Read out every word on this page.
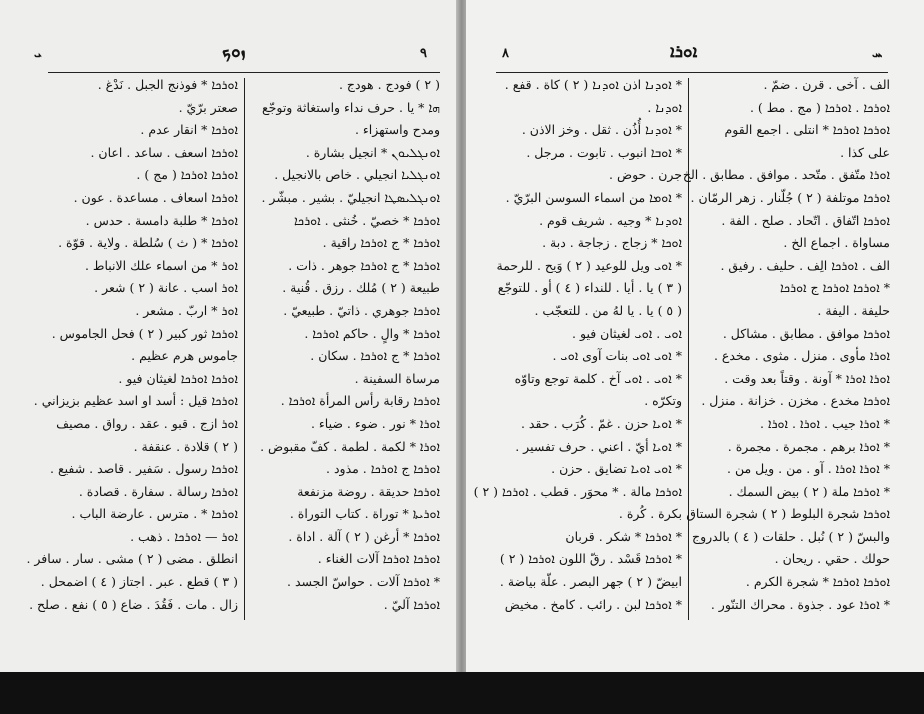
ܝ	ܙܘܟ	٩
ܐܘܪܟܐ * فوذنج الجبل . نَدْغ .
صعتر برّيّ .
ܐܘܪܟܐ * انقار عدم .
ܐܘܪܟܐ اسعف . ساعد . اعان .
ܐܘܪܟܐ ܐܘܪܟܐ ( مج ) .
ܐܘܪܟܐ اسعاف . مساعدة . عون .
ܐܘܪܟܐ * طلبة دامسة . حدس .
ܐܘܪܟܐ * ( ث ) سُلطة . ولاية . قوّة .
ܐܘܪ * من اسماء علك الانباط .
ܐܘܪ اسب . عانة ( ٢ ) شعر .
ܐܘܪ * اربّ . مشعر .
ܐܘܪܟܐ ثور كبير ( ٢ ) فحل الجاموس .
جاموس هرم عظيم .
ܐܘܪܟܐ ܐܘܪܟܐ لغيثان فيو .
ܐܘܪܟܐ قيل : أسد او اسد عظيم بزيزاني .
ܐܘܪ ازج . قبو . عقد . رواق . مصيف
( ٢ ) قلادة . عنقفة .
ܐܘܪܟܐ رسول . سَفير . قاصد . شفيع .
ܐܘܪܟܐ رسالة . سفارة . قصادة .
ܐܘܪܟܐ * . مترس . عارضة الباب .
ܐܘܪ — ܐܘܪܟܐ . ذهب .
انطلق . مضى ( ٢ ) مشى . سار . سافر .
( ٣ ) قطع . عبر . اجتاز ( ٤ ) اضمحل .
زال . مات . فَقُدَ . ضاع ( ٥ ) نفع . صلح .
( ٢ ) فودج . هودج .
ܗܐ * يا . حرف نداء واستغاثة وتوجّع
ومدح واستهزاء .
ܐܘܢܓܠܝܘܢ * انجيل بشارة .
ܐܘܢܓܠܝܐ انجيلي . خاص بالانجيل .
ܐܘܢܓܠܝܣܛܐ انجيليّ . بشير . مبشّر .
ܐܘܪܟܐ * خصيّ . خُنثى . ܐܘܪܟܐ
ܐܘܪܟܐ * ج ܐܘܪܟܐ راقية .
ܐܘܪܟܐ * ج ܐܘܪܟܐ جوهر . ذات .
طبيعة ( ٢ ) مُلك . رزق . قُنية .
ܐܘܪܟܐ جوهري . ذاتيّ . طبيعيّ .
ܐܘܪܟܐ * والٍ . حاكم ܐܘܪܟܐ .
ܐܘܪܟܐ * ج ܐܘܪܟܐ . سكان .
مرساة السفينة .
ܐܘܪܟܐ رقابة رأس المرأة ܐܘܪܟܐ .
ܐܘܪܐ * نور . ضوء . ضياء .
ܐܘܪܐ * لكمة . لطمة . كفّ مقبوض .
ܐܘܪܟܐ ج ܐܘܪܟܐ . مذود .
ܐܘܪܟܐ حديقة . روضة مزنفعة
ܐܘܪܝܬܐ * توراة . كتاب التوراة .
ܐܘܪܟܐ * أرغن ( ٢ ) آلة . اداة .
ܐܘܪܟܐ ܐܘܪܟܐ آلات الغناء .
* ܐܘܪܟܐ آلات . حواسّ الجسد .
ܐܘܪܟܐ آليّ .
٨	ܐܘܪܐ	ܚ
* ܐܘܕܢܐ اذن ܐܘܕܢܐ ( ٢ ) كاة . قفع .
ܐܘܕܢܐ .
* ܐܘܕܢܐ أُذُن . ثقل . وخز الاذن .
* ܐܘܒܐ انبوب . تابوت . مرجل .
جرن . حوض .
* ܐܘܡܐ من اسماء السوسن البرّيّ .
ܐܘܕܢܐ * وجيه . شريف قوم .
ܐܘܟܐ * زجاج . زجاجة . دبة .
* ܐܘܝ ويل للوعيد ( ٢ ) وَيح . للرحمة
( ٣ ) يا . أيا . للنداء ( ٤ ) أو . للتوجّع
( ٥ ) يا . يا لهُ من . للتعجّب .
ܐܘܝ . ܐܘܝ لغيثان فيو .
* ܐܘܝ ܐܘܝ بنات آوى ܐܘܝ .
* ܐܘܝ . ܐܘܝ آخ . كلمة توجع وتاوّه
وتكرّه .
* ܐܘܝܐ حزن . غمّ . كُرَب . حقد .
* ܐܘܝܐ أيّ . اعني . حرف تفسير .
* ܐܘܝ ܐܘܝܐ تضايق . حزن .
ܐܘܪܟܐ مالة . * محوَر . قطب . ܐܘܪܟܐ ( ٢ )
بكرة . كُرة .
* ܐܘܪܟܐ * شكر . قربان
* ܐܘܪܟܐ قَسْد . رقّ اللون ܐܘܪܟܐ ( ٢ )
ابيضّ ( ٢ ) جهر البصر . علّة بياضة .
* ܐܘܪܟܐ لبن . رائب . كامخ . مخيض
الف . آخى . قرن . ضمّ .
ܐܘܪܟܐ . ܐܘܪܟܐ ( مج . مط ) .
ܐܘܪܟܐ ܐܘܪܟܐ * انتلى . اجمع القوم
على كذا .
ܐܘܪܐ متّفق . متّحد . موافق . مطابق . الخ .
ܐܘܪܟܐ موتلفة ( ٢ ) جُلّنار . زهر الرمّان .
ܐܘܪܟܐ اتّفاق . اتّحاد . صلح . الفة .
مساواة . اجماع الخ .
الف . ܐܘܪܟܐ الِف . حليف . رفيق .
* ܐܘܪܟܐ ܐܘܪܟܐ ج ܐܘܪܟܐ
حليفة . اليفة .
ܐܘܪܟܐ موافق . مطابق . مشاكل .
ܐܘܪܐ مأوى . منزل . مثوى . مخدع .
ܐܘܪܐ ܐܘܪܐ * آونة . وقتاً بعد وقت .
ܐܘܪܟܐ مخدع . مخزن . خزانة . منزل .
* ܐܘܪܐ جيب . ܐܘܪܐ . ܐܘܪܐ .
* ܐܘܪܐ برهم . مجمرة . مجمرة .
* ܐܘܪܐ ܐܘܪܐ . آو . من . ويل من .
* ܐܘܪܟܐ ملة ( ٢ ) بيض السمك .
ܐܘܪܟܐ شجرة البلوط ( ٢ ) شجرة الستاق
والبسّ ( ٢ ) نُبل . حلقات ( ٤ ) بالدروج
حولك . حقي . ريحان .
ܐܘܪܟܐ ܐܘܪܟܐ * شجرة الكرم .
* ܐܘܪܐ عود . جذوة . محراك التنّور .
